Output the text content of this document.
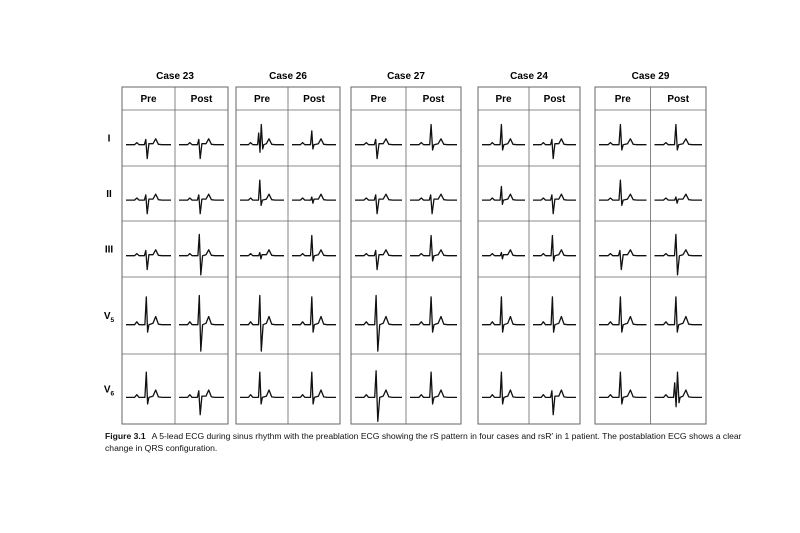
Case 23
Pre	Post
Case 26
Pre	Post
Case 27
Pre	Post
Case 24
Pre	Post
Case 29
Pre	Post
I
II
III
$V_5$
$V_6$
Figure 3.1 A 5-lead ECG during sinus rhythm with the preablation ECG showing the rS pattern in four cases and rsR′ in 1 patient. The postablation ECG shows a clear change in QRS configuration.
